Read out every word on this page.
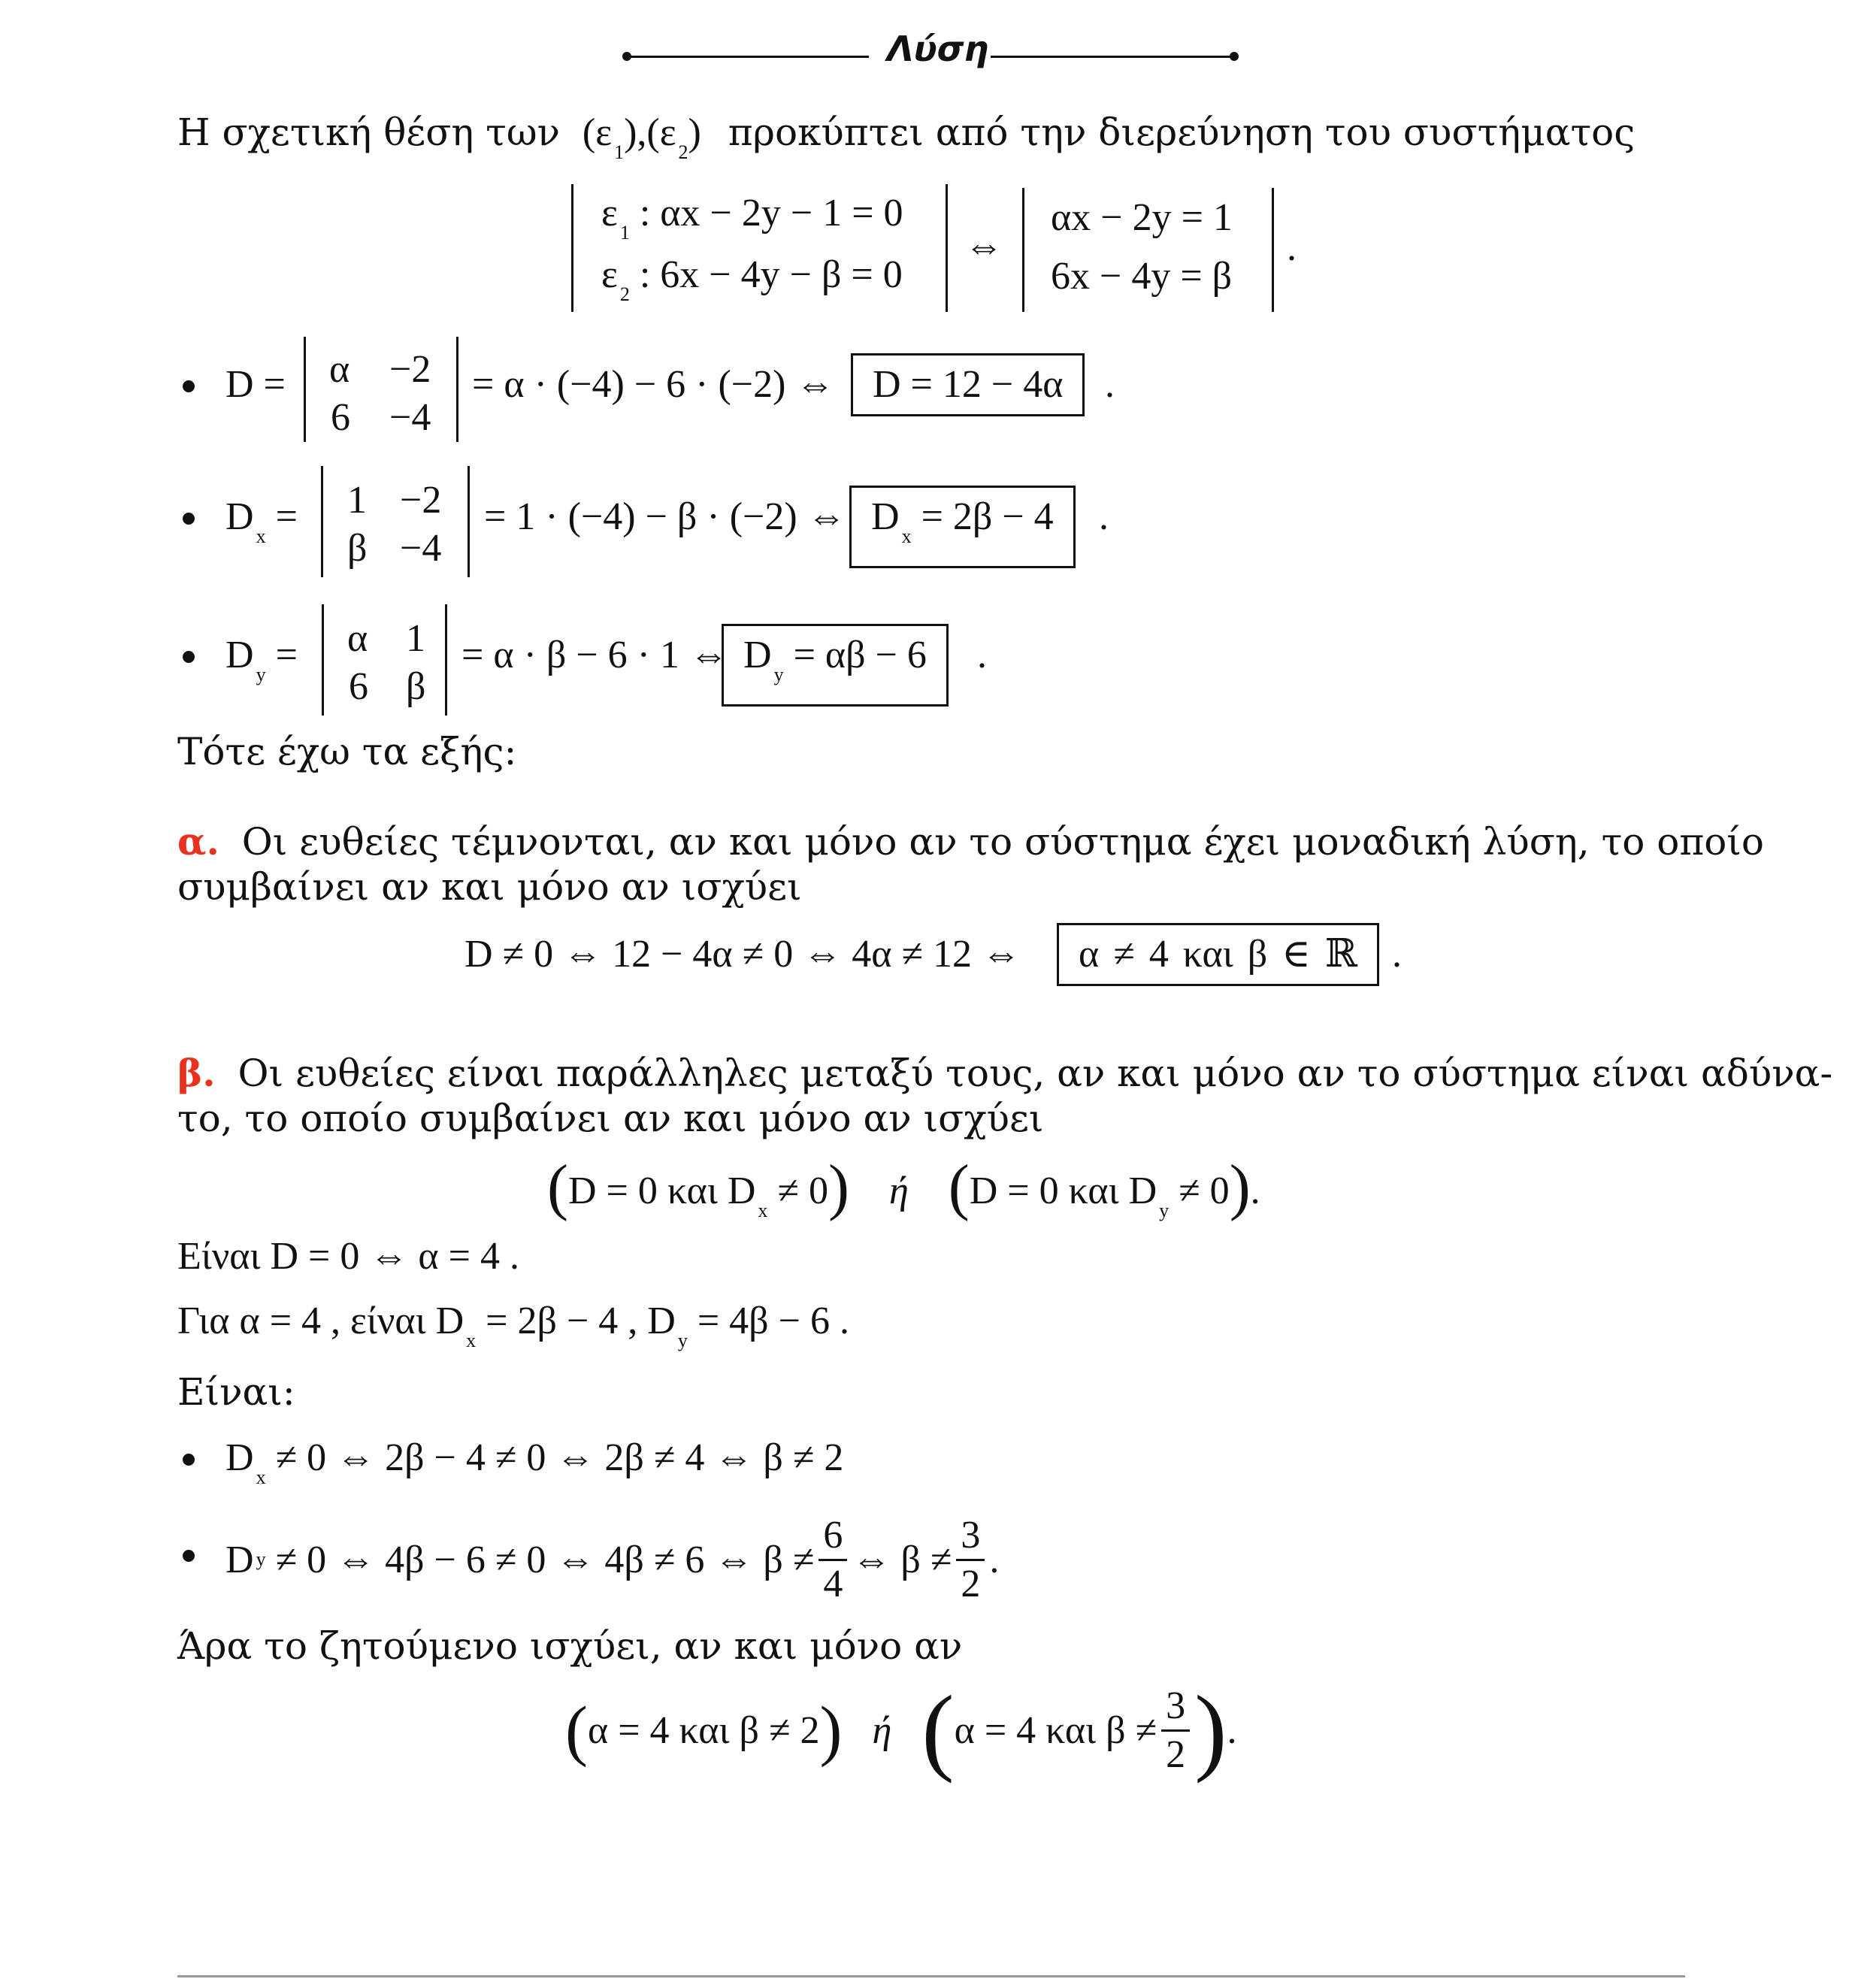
Λύση
Η σχετική θέση των (ε $_1$),(ε $_2$) προκύπτει από την διερεύνηση του συστήματος
ε $_1$ : αx − 2y − 1 = 0
ε $_2$ : 6x − 4y − β = 0
⇔
αx − 2y = 1
6x − 4y = β
.
D = α −2
6 −4
= α · (−4) − 6 · (−2) ⇔ D = 12 − 4α	.
D $_x$ = 1 −2
β −4
= 1 · (−4) − β · (−2) ⇔ D $_x$ = 2β − 4	.
D $_y$ = α 1
6 β
= α · β − 6 · 1 ⇔ D $_y$ = αβ − 6	.
Τότε έχω τα εξής:
α. Οι ευθείες τέμνονται, αν και μόνο αν το σύστημα έχει μοναδική λύση, το οποίο
συμβαίνει αν και μόνο αν ισχύει
D ≠ 0 ⇔ 12 − 4α ≠ 0 ⇔ 4α ≠ 12 ⇔	α ≠ 4 και β ∈ ℝ .
β. Οι ευθείες είναι παράλληλες μεταξύ τους, αν και μόνο αν το σύστημα είναι αδύνα-
το, το οποίο συμβαίνει αν και μόνο αν ισχύει
(D = 0 και D $_x$ ≠ 0) ή (D = 0 και D $_y$ ≠ 0).
Είναι D = 0 ⇔ α = 4 .
Για α = 4 , είναι D $_x$ = 2β − 4 , D $_y$ = 4β − 6 .
Είναι:
D $_x$ ≠ 0 ⇔ 2β − 4 ≠ 0 ⇔ 2β ≠ 4 ⇔ β ≠ 2
D y ≠ 0 ⇔ 4β − 6 ≠ 0 ⇔ 4β ≠ 6 ⇔ $\beta \ne \frac{6}{4}$ ⇔ $\beta \ne \frac{3}{2}$ .
Άρα το ζητούμενο ισχύει, αν και μόνο αν
( α = 4 και β ≠ 2 ) ή ( α = 4 και $\beta \ne \frac{3}{2}$ ) .
